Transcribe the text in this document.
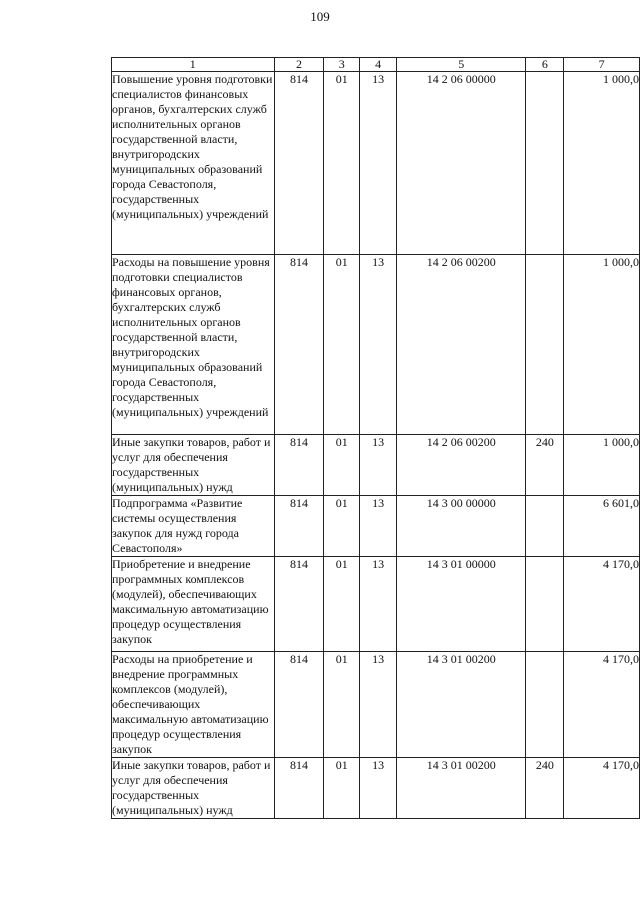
109
1	2	3	4	5	6	7
Повышение уровня подготовки специалистов финансовых органов, бухгалтерских служб исполнительных органов государственной власти, внутригородских муниципальных образований города Севастополя, государственных (муниципальных) учреждений	814	01	13	14 2 06 00000		1 000,0
Расходы на повышение уровня подготовки специалистов финансовых органов, бухгалтерских служб исполнительных органов государственной власти, внутригородских муниципальных образований города Севастополя, государственных (муниципальных) учреждений	814	01	13	14 2 06 00200		1 000,0
Иные закупки товаров, работ и услуг для обеспечения государственных (муниципальных) нужд	814	01	13	14 2 06 00200	240	1 000,0
Подпрограмма «Развитие системы осуществления закупок для нужд города Севастополя»	814	01	13	14 3 00 00000		6 601,0
Приобретение и внедрение программных комплексов (модулей), обеспечивающих максимальную автоматизацию процедур осуществления закупок	814	01	13	14 3 01 00000		4 170,0
Расходы на приобретение и внедрение программных комплексов (модулей), обеспечивающих максимальную автоматизацию процедур осуществления закупок	814	01	13	14 3 01 00200		4 170,0
Иные закупки товаров, работ и услуг для обеспечения государственных (муниципальных) нужд	814	01	13	14 3 01 00200	240	4 170,0
